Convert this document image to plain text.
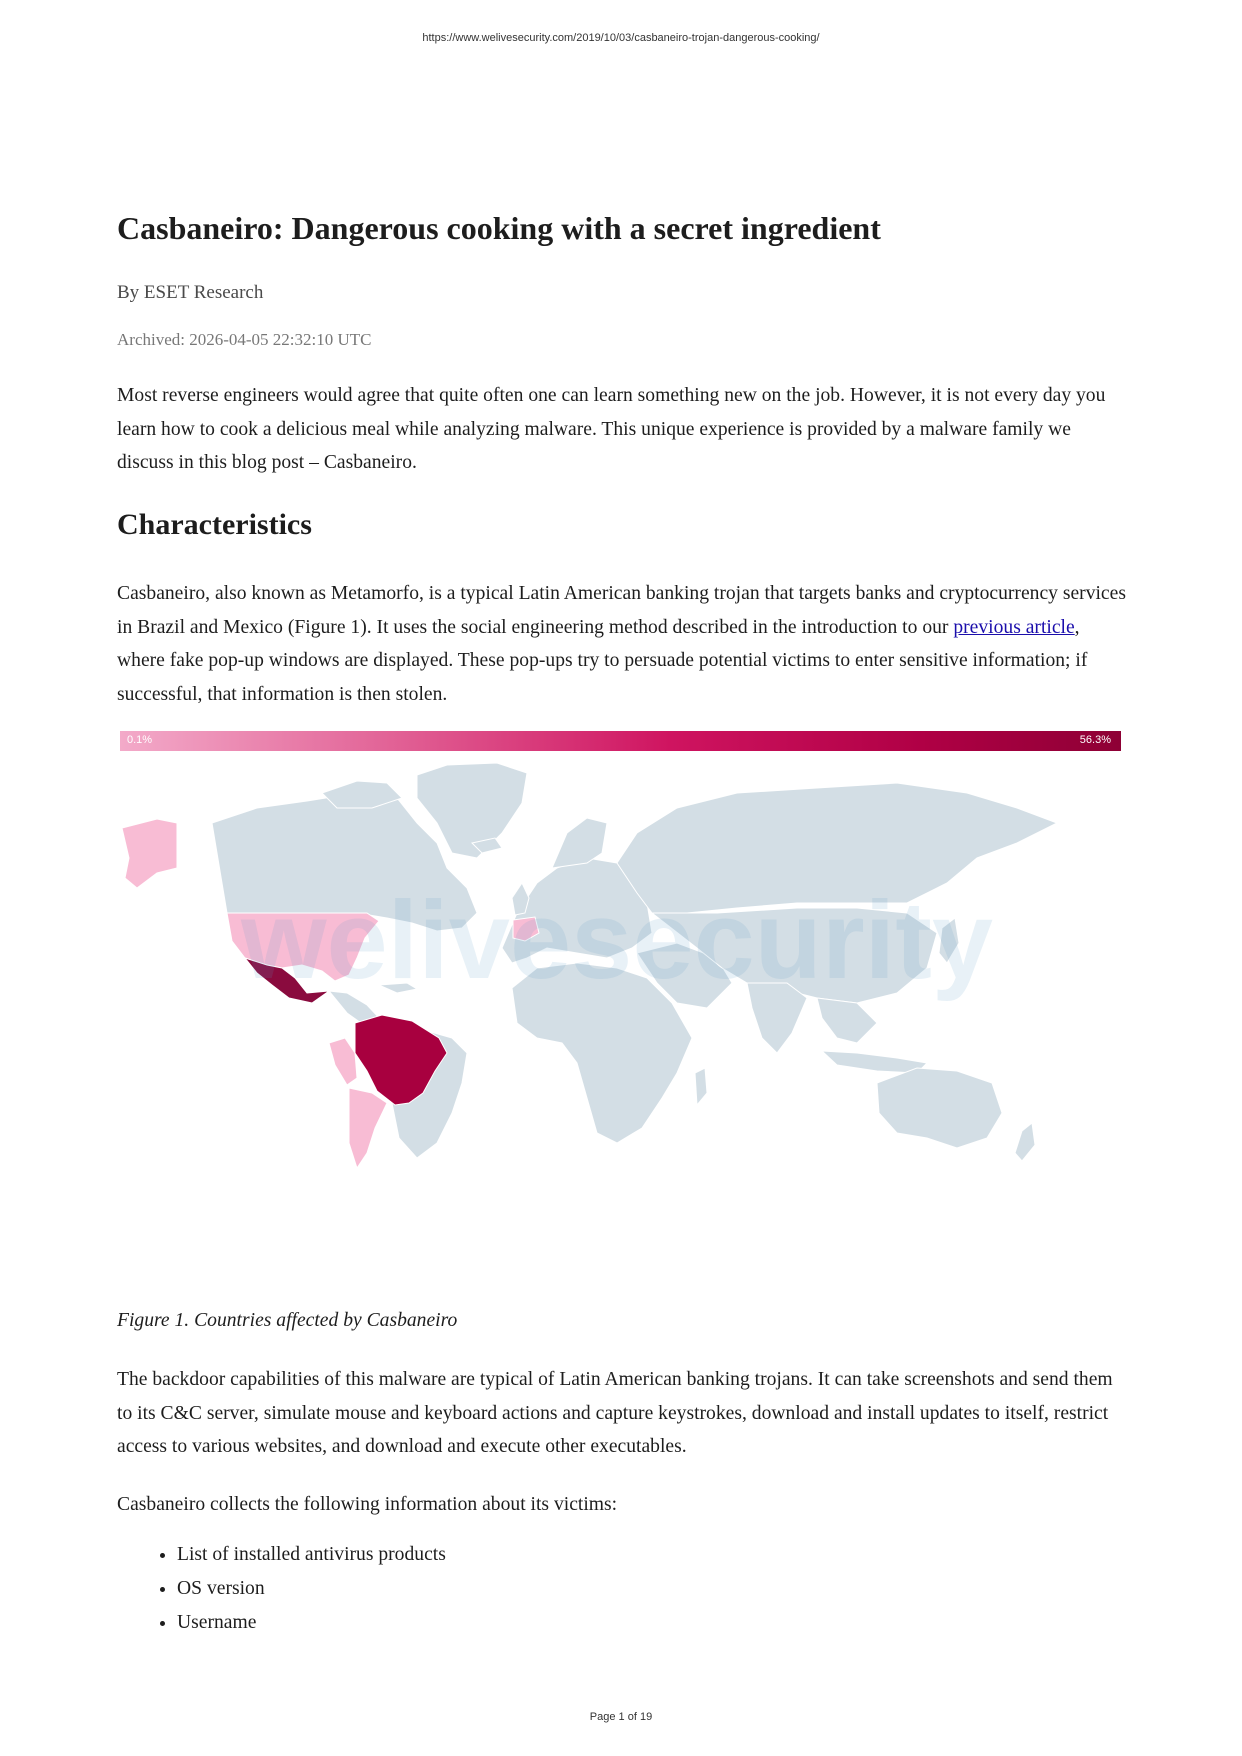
https://www.welivesecurity.com/2019/10/03/casbaneiro-trojan-dangerous-cooking/
Casbaneiro: Dangerous cooking with a secret ingredient
By ESET Research
Archived: 2026-04-05 22:32:10 UTC

Most reverse engineers would agree that quite often one can learn something new on the job. However, it is not every day you learn how to cook a delicious meal while analyzing malware. This unique experience is provided by a malware family we discuss in this blog post – Casbaneiro.

Characteristics

Casbaneiro, also known as Metamorfo, is a typical Latin American banking trojan that targets banks and cryptocurrency services in Brazil and Mexico (Figure 1). It uses the social engineering method described in the introduction to our previous article, where fake pop-up windows are displayed. These pop-ups try to persuade potential victims to enter sensitive information; if successful, that information is then stolen.

Figure 1. Countries affected by Casbaneiro

The backdoor capabilities of this malware are typical of Latin American banking trojans. It can take screenshots and send them to its C&C server, simulate mouse and keyboard actions and capture keystrokes, download and install updates to itself, restrict access to various websites, and download and execute other executables.

Casbaneiro collects the following information about its victims:

• List of installed antivirus products
• OS version
• Username
0.1%	56.3%
welivesecurity
Page 1 of 19
